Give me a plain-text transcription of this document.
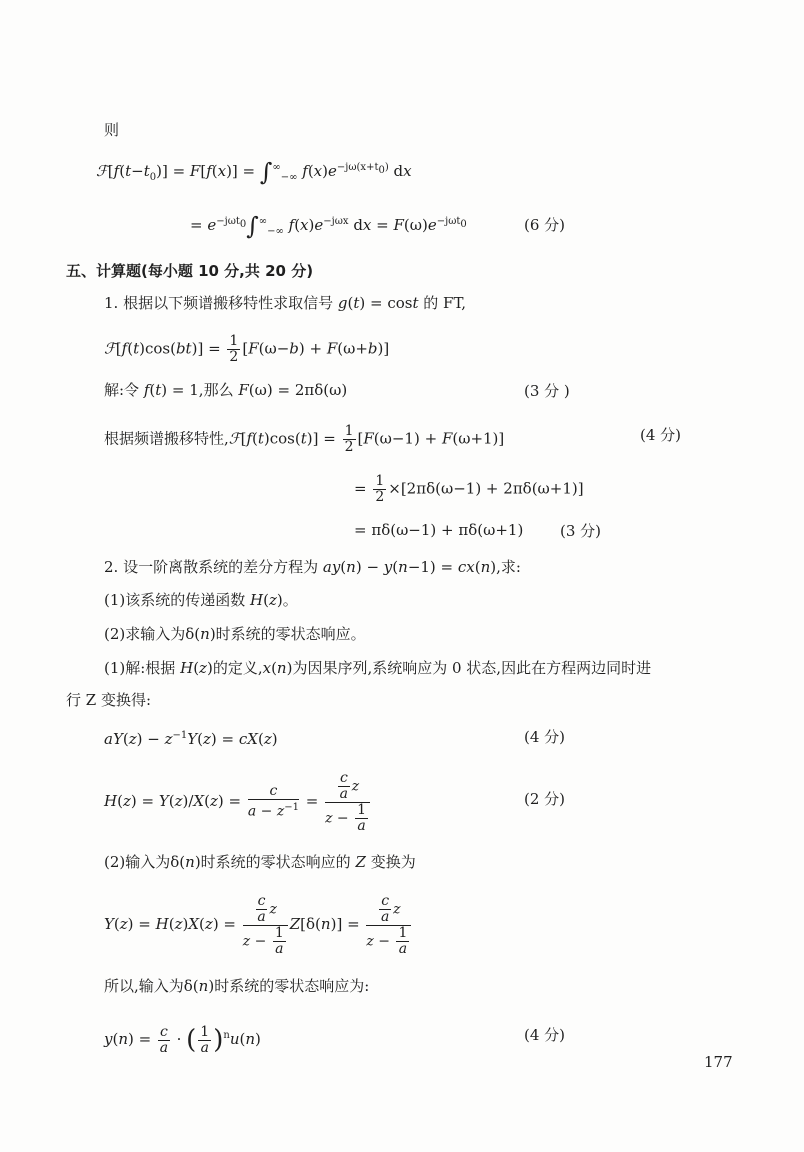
则
$ℱ[f(t-t_0)] = F[f(x)] = \int^\infty_{-\infty}$ $f(x)e^{-j\omega(x+t_0)}$ dx
= $e^{-j\omega t_0}\int^\infty_{-\infty}$ $f(x)e^{-j\omega x}$ dx = $F(\omega)e^{-j\omega t_0}$	(6 分)
五、计算题(每小题 10 分,共 20 分)
1. 根据以下频谱搬移特性求取信号 g(t) = cost 的 FT,
ℱ[f(t)cos(bt)] = $\frac{1}{2} [F(\omega-b) + F(\omega+b)]$
解:令 f(t) = 1,那么 F(ω) = 2πδ(ω)	(3 分 )
根据频谱搬移特性,ℱ[f(t)cos(t)] = $\frac{1}{2} [F(\omega-1) + F(\omega+1)]$	(4 分)
= $\frac{1}{2} \times[2\pi\delta(\omega-1) + 2\pi\delta(\omega+1)]$
= πδ(ω−1) + πδ(ω+1) (3 分)
2. 设一阶离散系统的差分方程为 ay(n) − y(n−1) = cx(n),求:
(1)该系统的传递函数 H(z)。
(2)求输入为δ(n)时系统的零状态响应。
(1)解:根据 H(z)的定义,x(n)为因果序列,系统响应为 0 状态,因此在方程两边同时进
行 Z 变换得:
$aY(z) - z^{-1}Y(z) = cX(z)$	(4 分)
$H(z) = Y(z)/X(z) = \frac{c}{a - z^{-1}} = \frac{\frac{c}{a} z}{z - \frac{1}{a}}$	(2 分)
(2)输入为δ(n)时系统的零状态响应的 Z 变换为
$Y(z) = H(z)X(z) = \frac{\frac{c}{a} z}{z - \frac{1}{a}} Z[\delta(n)] = \frac{\frac{c}{a} z}{z - \frac{1}{a}}$
所以,输入为δ(n)时系统的零状态响应为:
$y(n) = \frac{c}{a}$ · ( $\frac{1}{a} )^nu(n)$	(4 分)
177
